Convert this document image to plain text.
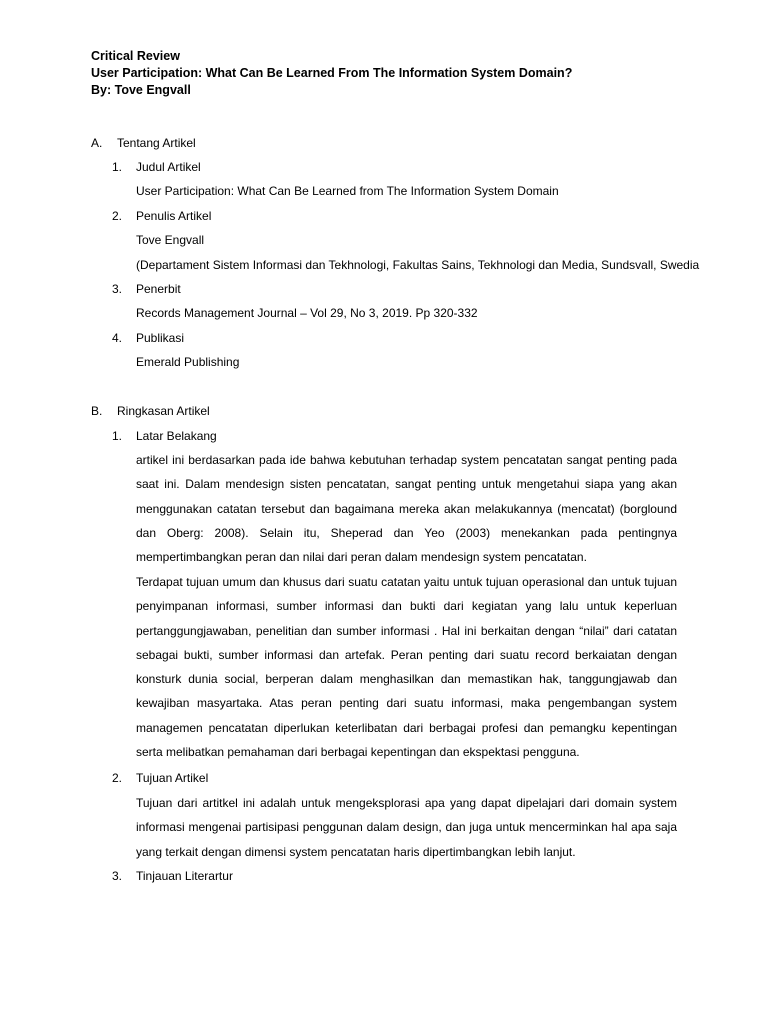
Critical Review
User Participation: What Can Be Learned From The Information System Domain?
By: Tove Engvall
A. Tentang Artikel
1. Judul Artikel
User Participation: What Can Be Learned from The Information System Domain
2. Penulis Artikel
Tove Engvall
(Departament Sistem Informasi dan Tekhnologi, Fakultas Sains, Tekhnologi dan Media, Sundsvall, Swedia
3. Penerbit
Records Management Journal – Vol 29, No 3, 2019. Pp 320-332
4. Publikasi
Emerald Publishing
B. Ringkasan Artikel
1. Latar Belakang
artikel ini berdasarkan pada ide bahwa kebutuhan terhadap system pencatatan sangat penting pada saat ini. Dalam mendesign sisten pencatatan, sangat penting untuk mengetahui siapa yang akan menggunakan catatan tersebut dan bagaimana mereka akan melakukannya (mencatat) (borglound dan Oberg: 2008). Selain itu, Sheperad dan Yeo (2003) menekankan pada pentingnya mempertimbangkan peran dan nilai dari peran dalam mendesign system pencatatan.
Terdapat tujuan umum dan khusus dari suatu catatan yaitu untuk tujuan operasional dan untuk tujuan penyimpanan informasi, sumber informasi dan bukti dari kegiatan yang lalu untuk keperluan pertanggungjawaban, penelitian dan sumber informasi . Hal ini berkaitan dengan “nilai” dari catatan sebagai bukti, sumber informasi dan artefak. Peran penting dari suatu record berkaiatan dengan konsturk dunia social, berperan dalam menghasilkan dan memastikan hak, tanggungjawab dan kewajiban masyartaka. Atas peran penting dari suatu informasi, maka pengembangan system managemen pencatatan diperlukan keterlibatan dari berbagai profesi dan pemangku kepentingan serta melibatkan pemahaman dari berbagai kepentingan dan ekspektasi pengguna.
2. Tujuan Artikel
Tujuan dari artitkel ini adalah untuk mengeksplorasi apa yang dapat dipelajari dari domain system informasi mengenai partisipasi penggunan dalam design, dan juga untuk mencerminkan hal apa saja yang terkait dengan dimensi system pencatatan haris dipertimbangkan lebih lanjut.
3. Tinjauan Literartur
